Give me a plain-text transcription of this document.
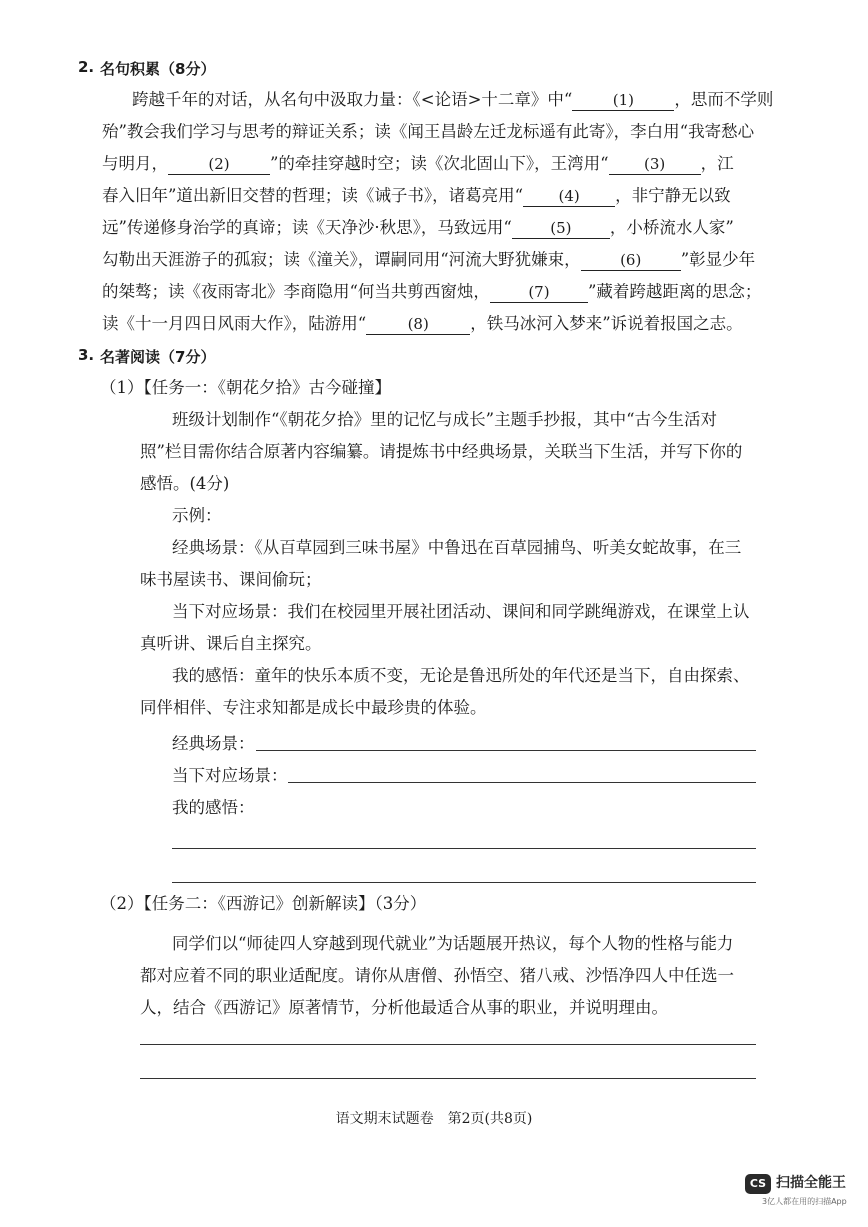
2. 名句积累（8分）
跨越千年的对话，从名句中汲取力量：《<论语>十二章》中“	(1) ，思而不学则
殆”教会我们学习与思考的辩证关系；读《闻王昌龄左迁龙标遥有此寄》，李白用“我寄愁心
与明月，	(2) ”的牵挂穿越时空；读《次北固山下》，王湾用“ (3) ，江
春入旧年”道出新旧交替的哲理；读《诫子书》，诸葛亮用“ (4) ，非宁静无以致
远”传递修身治学的真谛；读《天净沙·秋思》，马致远用“	(5) ，小桥流水人家”
勾勒出天涯游子的孤寂；读《潼关》，谭嗣同用“河流大野犹嫌束，	(6) ”彰显少年
的桀骜；读《夜雨寄北》李商隐用“何当共剪西窗烛，	(7) ”藏着跨越距离的思念；
读《十一月四日风雨大作》，陆游用“	(8)	，铁马冰河入梦来”诉说着报国之志。
3. 名著阅读（7分）
（1）【任务一：《朝花夕拾》古今碰撞】
班级计划制作“《朝花夕拾》里的记忆与成长”主题手抄报，其中“古今生活对
照”栏目需你结合原著内容编纂。请提炼书中经典场景，关联当下生活，并写下你的
感悟。(4分)
示例：
经典场景：《从百草园到三味书屋》中鲁迅在百草园捕鸟、听美女蛇故事，在三
味书屋读书、课间偷玩；
当下对应场景：我们在校园里开展社团活动、课间和同学跳绳游戏，在课堂上认
真听讲、课后自主探究。
我的感悟：童年的快乐本质不变，无论是鲁迅所处的年代还是当下，自由探索、
同伴相伴、专注求知都是成长中最珍贵的体验。
经典场景：
当下对应场景：
我的感悟：
（2）【任务二：《西游记》创新解读】（3分）
同学们以“师徒四人穿越到现代就业”为话题展开热议，每个人物的性格与能力
都对应着不同的职业适配度。请你从唐僧、孙悟空、猪八戒、沙悟净四人中任选一
人，结合《西游记》原著情节，分析他最适合从事的职业，并说明理由。
语文期末试题卷　第2页(共8页)
CS 扫描全能王
3亿人都在用的扫描App
